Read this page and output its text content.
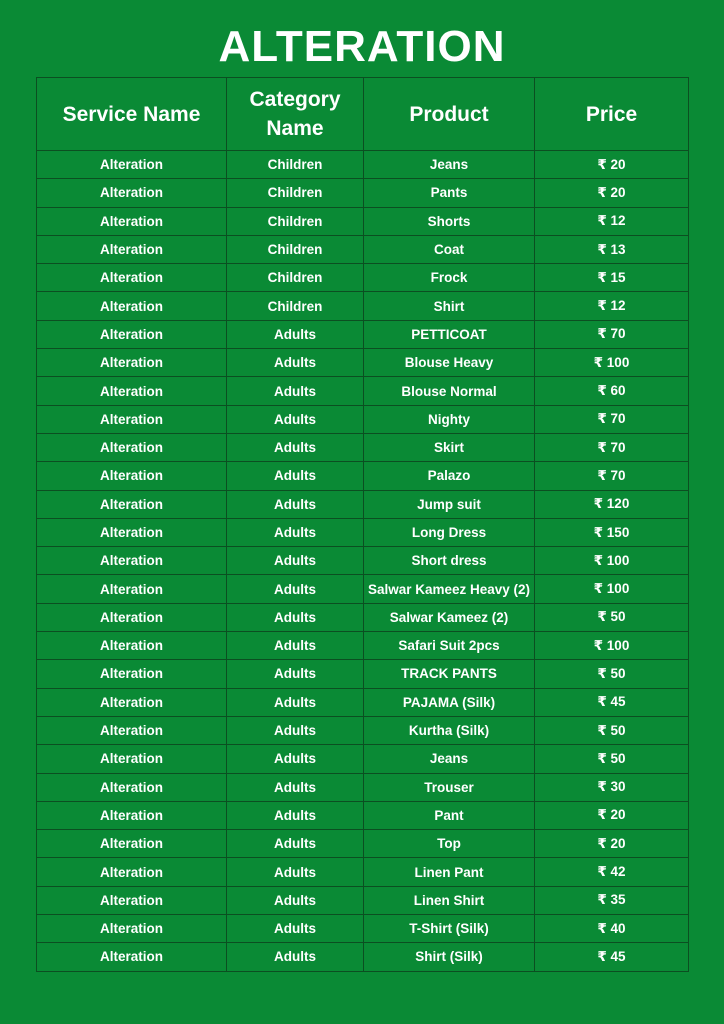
ALTERATION
Service Name	Category Name	Product	Price
Alteration	Children	Jeans	₹ 20
Alteration	Children	Pants	₹ 20
Alteration	Children	Shorts	₹ 12
Alteration	Children	Coat	₹ 13
Alteration	Children	Frock	₹ 15
Alteration	Children	Shirt	₹ 12
Alteration	Adults	PETTICOAT	₹ 70
Alteration	Adults	Blouse Heavy	₹ 100
Alteration	Adults	Blouse Normal	₹ 60
Alteration	Adults	Nighty	₹ 70
Alteration	Adults	Skirt	₹ 70
Alteration	Adults	Palazo	₹ 70
Alteration	Adults	Jump suit	₹ 120
Alteration	Adults	Long Dress	₹ 150
Alteration	Adults	Short dress	₹ 100
Alteration	Adults	Salwar Kameez Heavy (2)	₹ 100
Alteration	Adults	Salwar Kameez (2)	₹ 50
Alteration	Adults	Safari Suit 2pcs	₹ 100
Alteration	Adults	TRACK PANTS	₹ 50
Alteration	Adults	PAJAMA (Silk)	₹ 45
Alteration	Adults	Kurtha (Silk)	₹ 50
Alteration	Adults	Jeans	₹ 50
Alteration	Adults	Trouser	₹ 30
Alteration	Adults	Pant	₹ 20
Alteration	Adults	Top	₹ 20
Alteration	Adults	Linen Pant	₹ 42
Alteration	Adults	Linen Shirt	₹ 35
Alteration	Adults	T-Shirt (Silk)	₹ 40
Alteration	Adults	Shirt (Silk)	₹ 45
